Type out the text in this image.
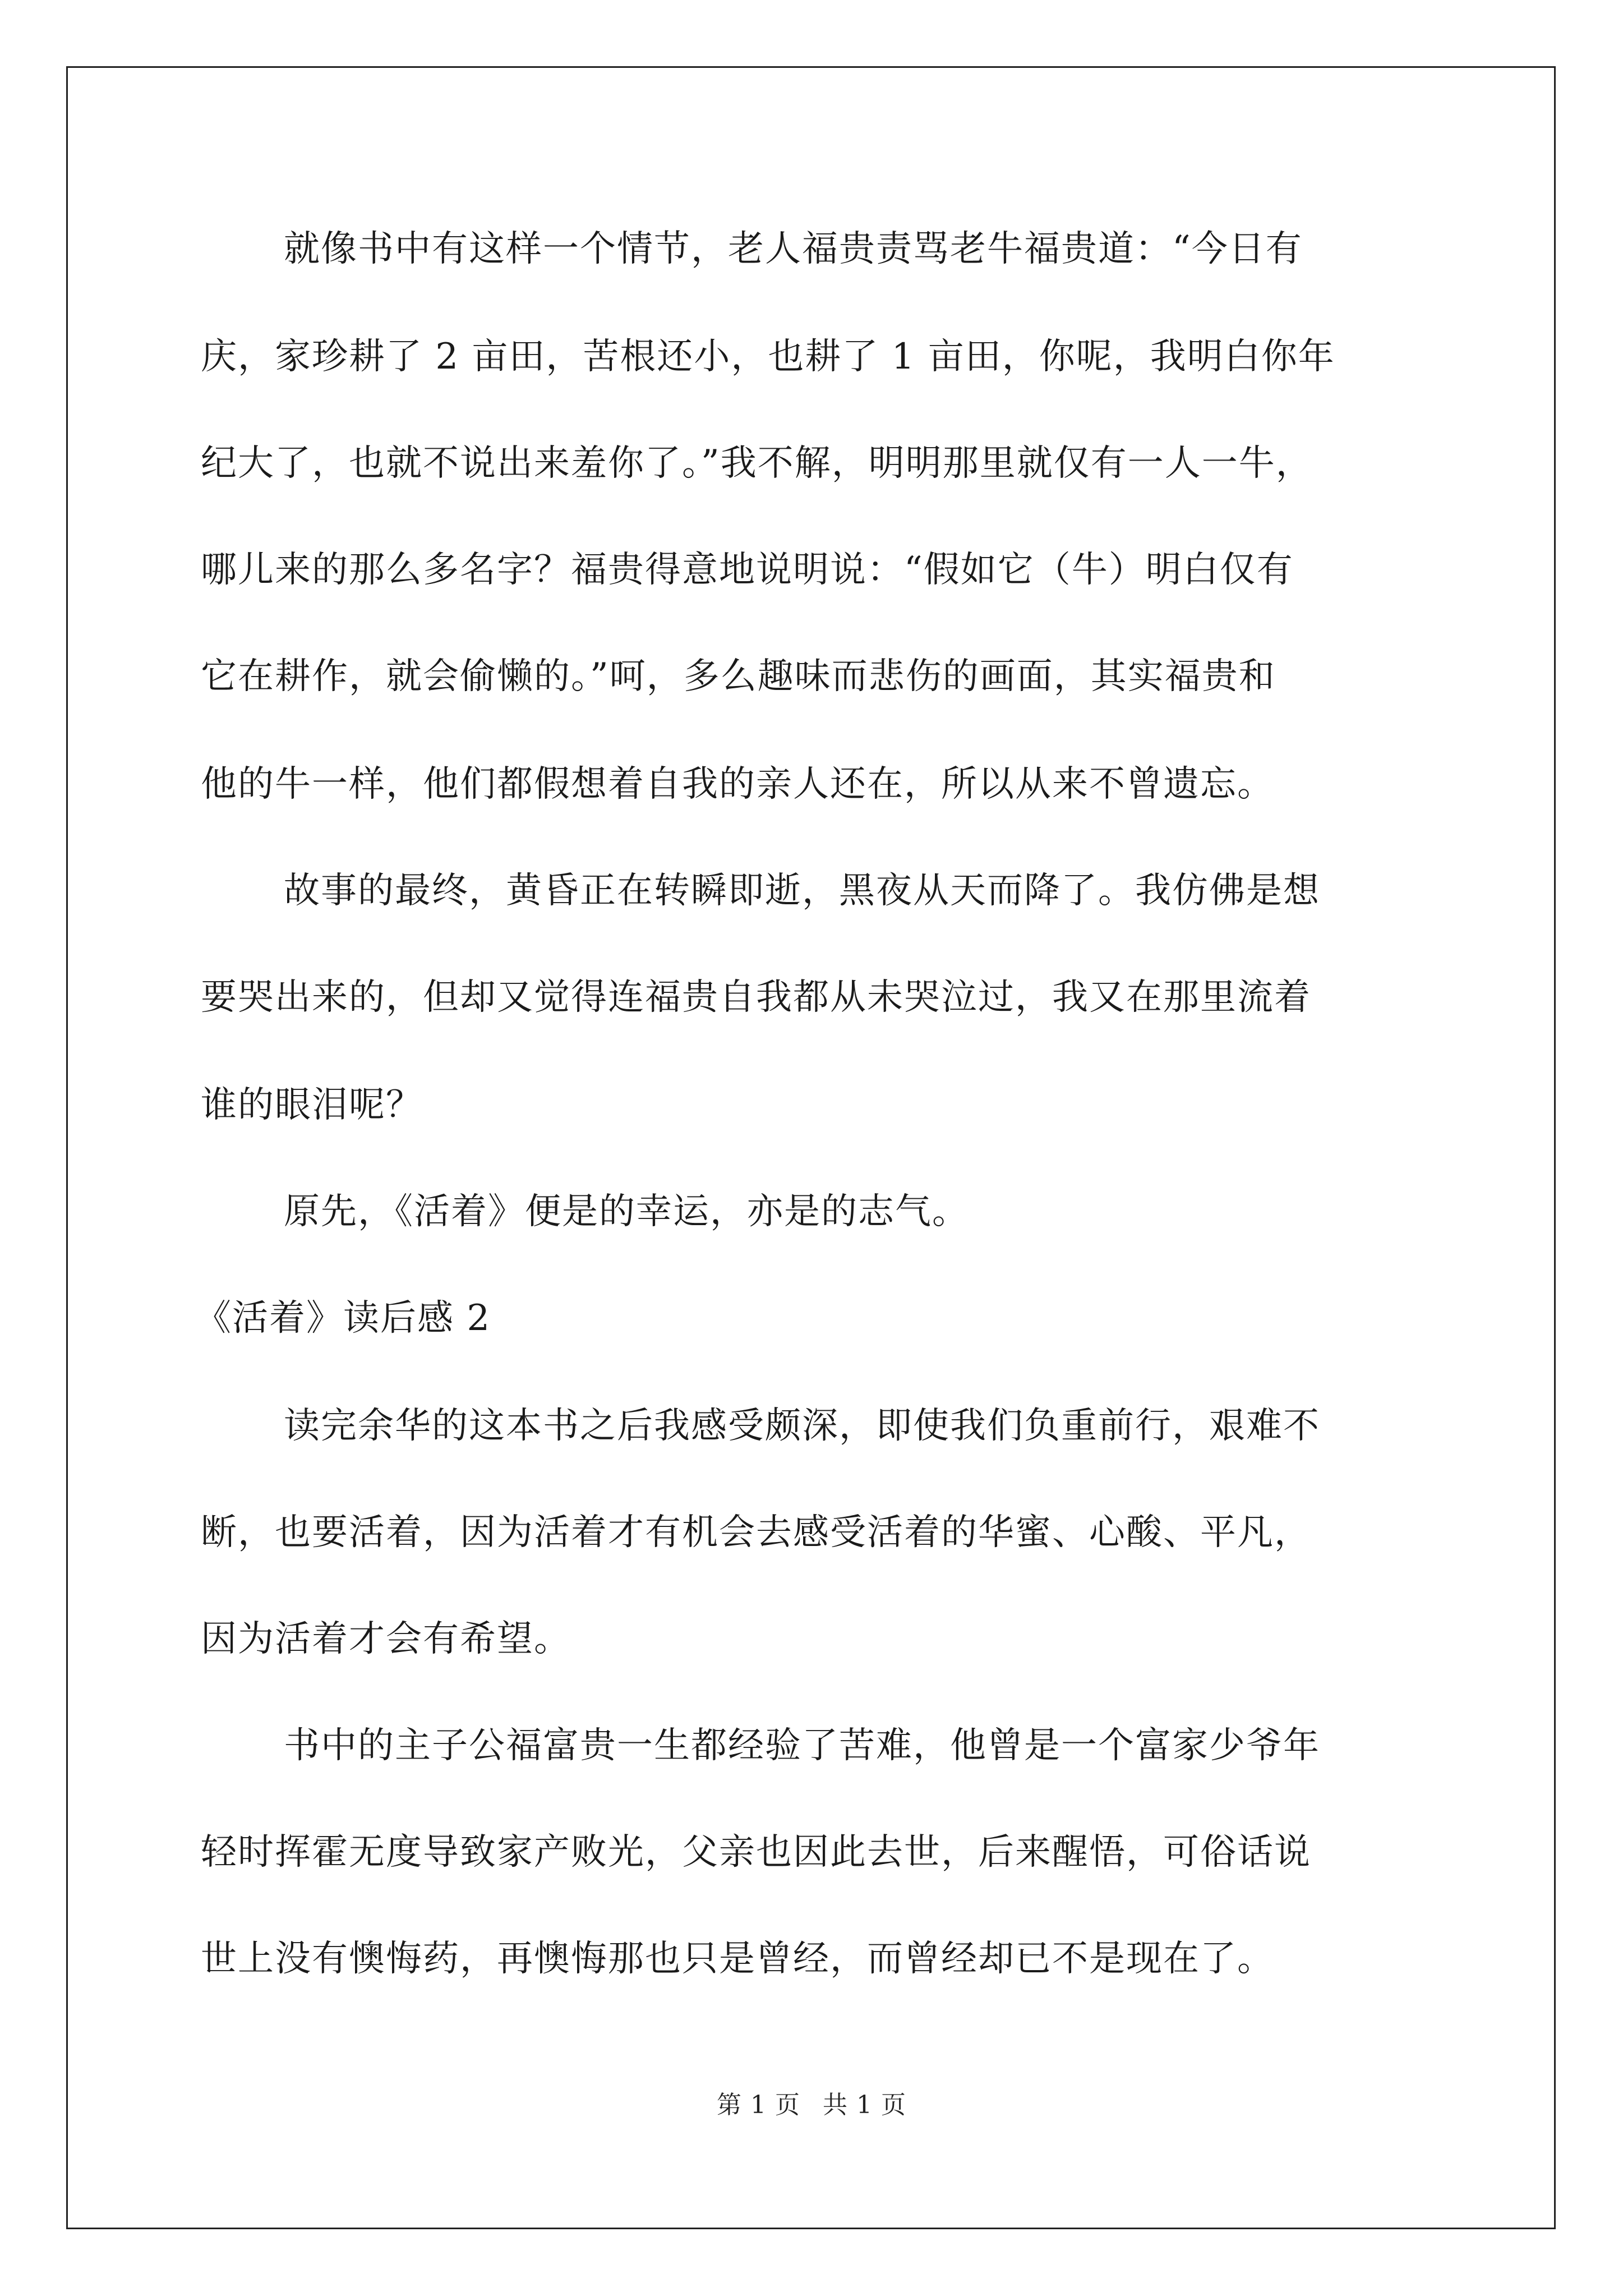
就像书中有这样一个情节，老人福贵责骂老牛福贵道：“今日有
庆，家珍耕了 2 亩田，苦根还小，也耕了 1 亩田，你呢，我明白你年
纪大了，也就不说出来羞你了。”我不解，明明那里就仅有一人一牛，
哪儿来的那么多名字？福贵得意地说明说：“假如它（牛）明白仅有
它在耕作，就会偷懒的。”呵，多么趣味而悲伤的画面，其实福贵和
他的牛一样，他们都假想着自我的亲人还在，所以从来不曾遗忘。
故事的最终，黄昏正在转瞬即逝，黑夜从天而降了。我仿佛是想
要哭出来的，但却又觉得连福贵自我都从未哭泣过，我又在那里流着
谁的眼泪呢？
原先，《活着》便是的幸运，亦是的志气。
《活着》读后感 2
读完余华的这本书之后我感受颇深，即使我们负重前行，艰难不
断，也要活着，因为活着才有机会去感受活着的华蜜、心酸、平凡，
因为活着才会有希望。
书中的主子公福富贵一生都经验了苦难，他曾是一个富家少爷年
轻时挥霍无度导致家产败光，父亲也因此去世，后来醒悟，可俗话说
世上没有懊悔药，再懊悔那也只是曾经，而曾经却已不是现在了。
第 1 页 共 1 页
